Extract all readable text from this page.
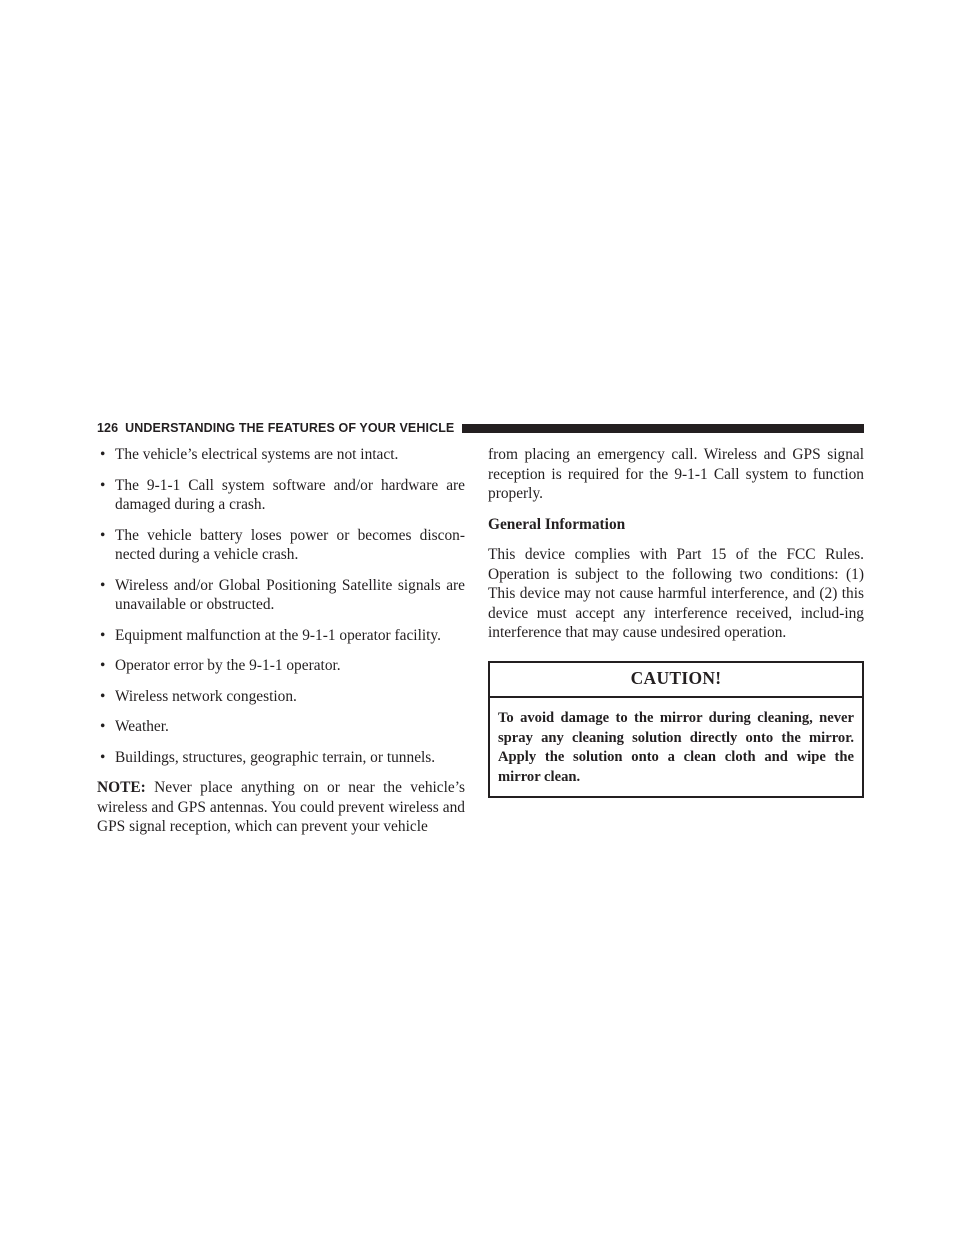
126 UNDERSTANDING THE FEATURES OF YOUR VEHICLE
• The vehicle’s electrical systems are not intact.
• The 9-1-1 Call system software and/or hardware are damaged during a crash.
• The vehicle battery loses power or becomes discon-nected during a vehicle crash.
• Wireless and/or Global Positioning Satellite signals are unavailable or obstructed.
• Equipment malfunction at the 9-1-1 operator facility.
• Operator error by the 9-1-1 operator.
• Wireless network congestion.
• Weather.
• Buildings, structures, geographic terrain, or tunnels.

NOTE: Never place anything on or near the vehicle’s wireless and GPS antennas. You could prevent wireless and GPS signal reception, which can prevent your vehicle

from placing an emergency call. Wireless and GPS signal reception is required for the 9-1-1 Call system to function properly.

General Information

This device complies with Part 15 of the FCC Rules. Operation is subject to the following two conditions: (1) This device may not cause harmful interference, and (2) this device must accept any interference received, includ-ing interference that may cause undesired operation.

CAUTION!
To avoid damage to the mirror during cleaning, never spray any cleaning solution directly onto the mirror. Apply the solution onto a clean cloth and wipe the mirror clean.
